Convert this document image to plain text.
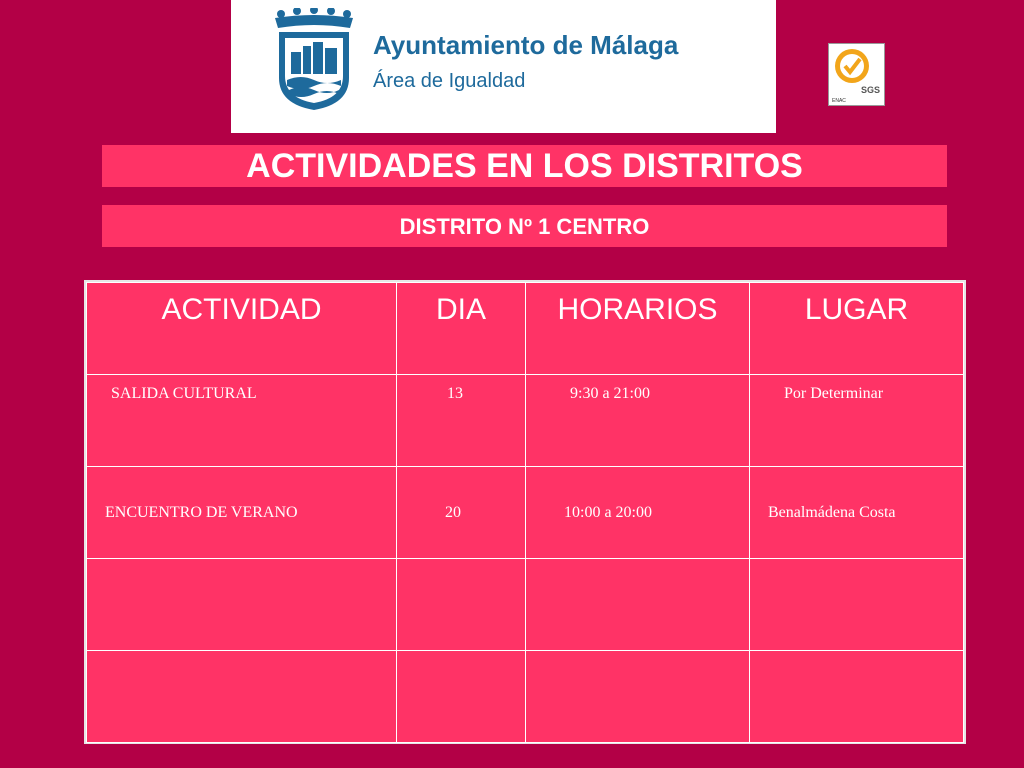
Ayuntamiento de Málaga
Área de Igualdad	SGS
ENAC
ACTIVIDADES EN LOS DISTRITOS
DISTRITO Nº 1 CENTRO
ACTIVIDAD	DIA	HORARIOS	LUGAR
SALIDA CULTURAL	13	9:30 a 21:00	Por Determinar
ENCUENTRO DE VERANO	20	10:00 a 20:00	Benalmádena Costa
